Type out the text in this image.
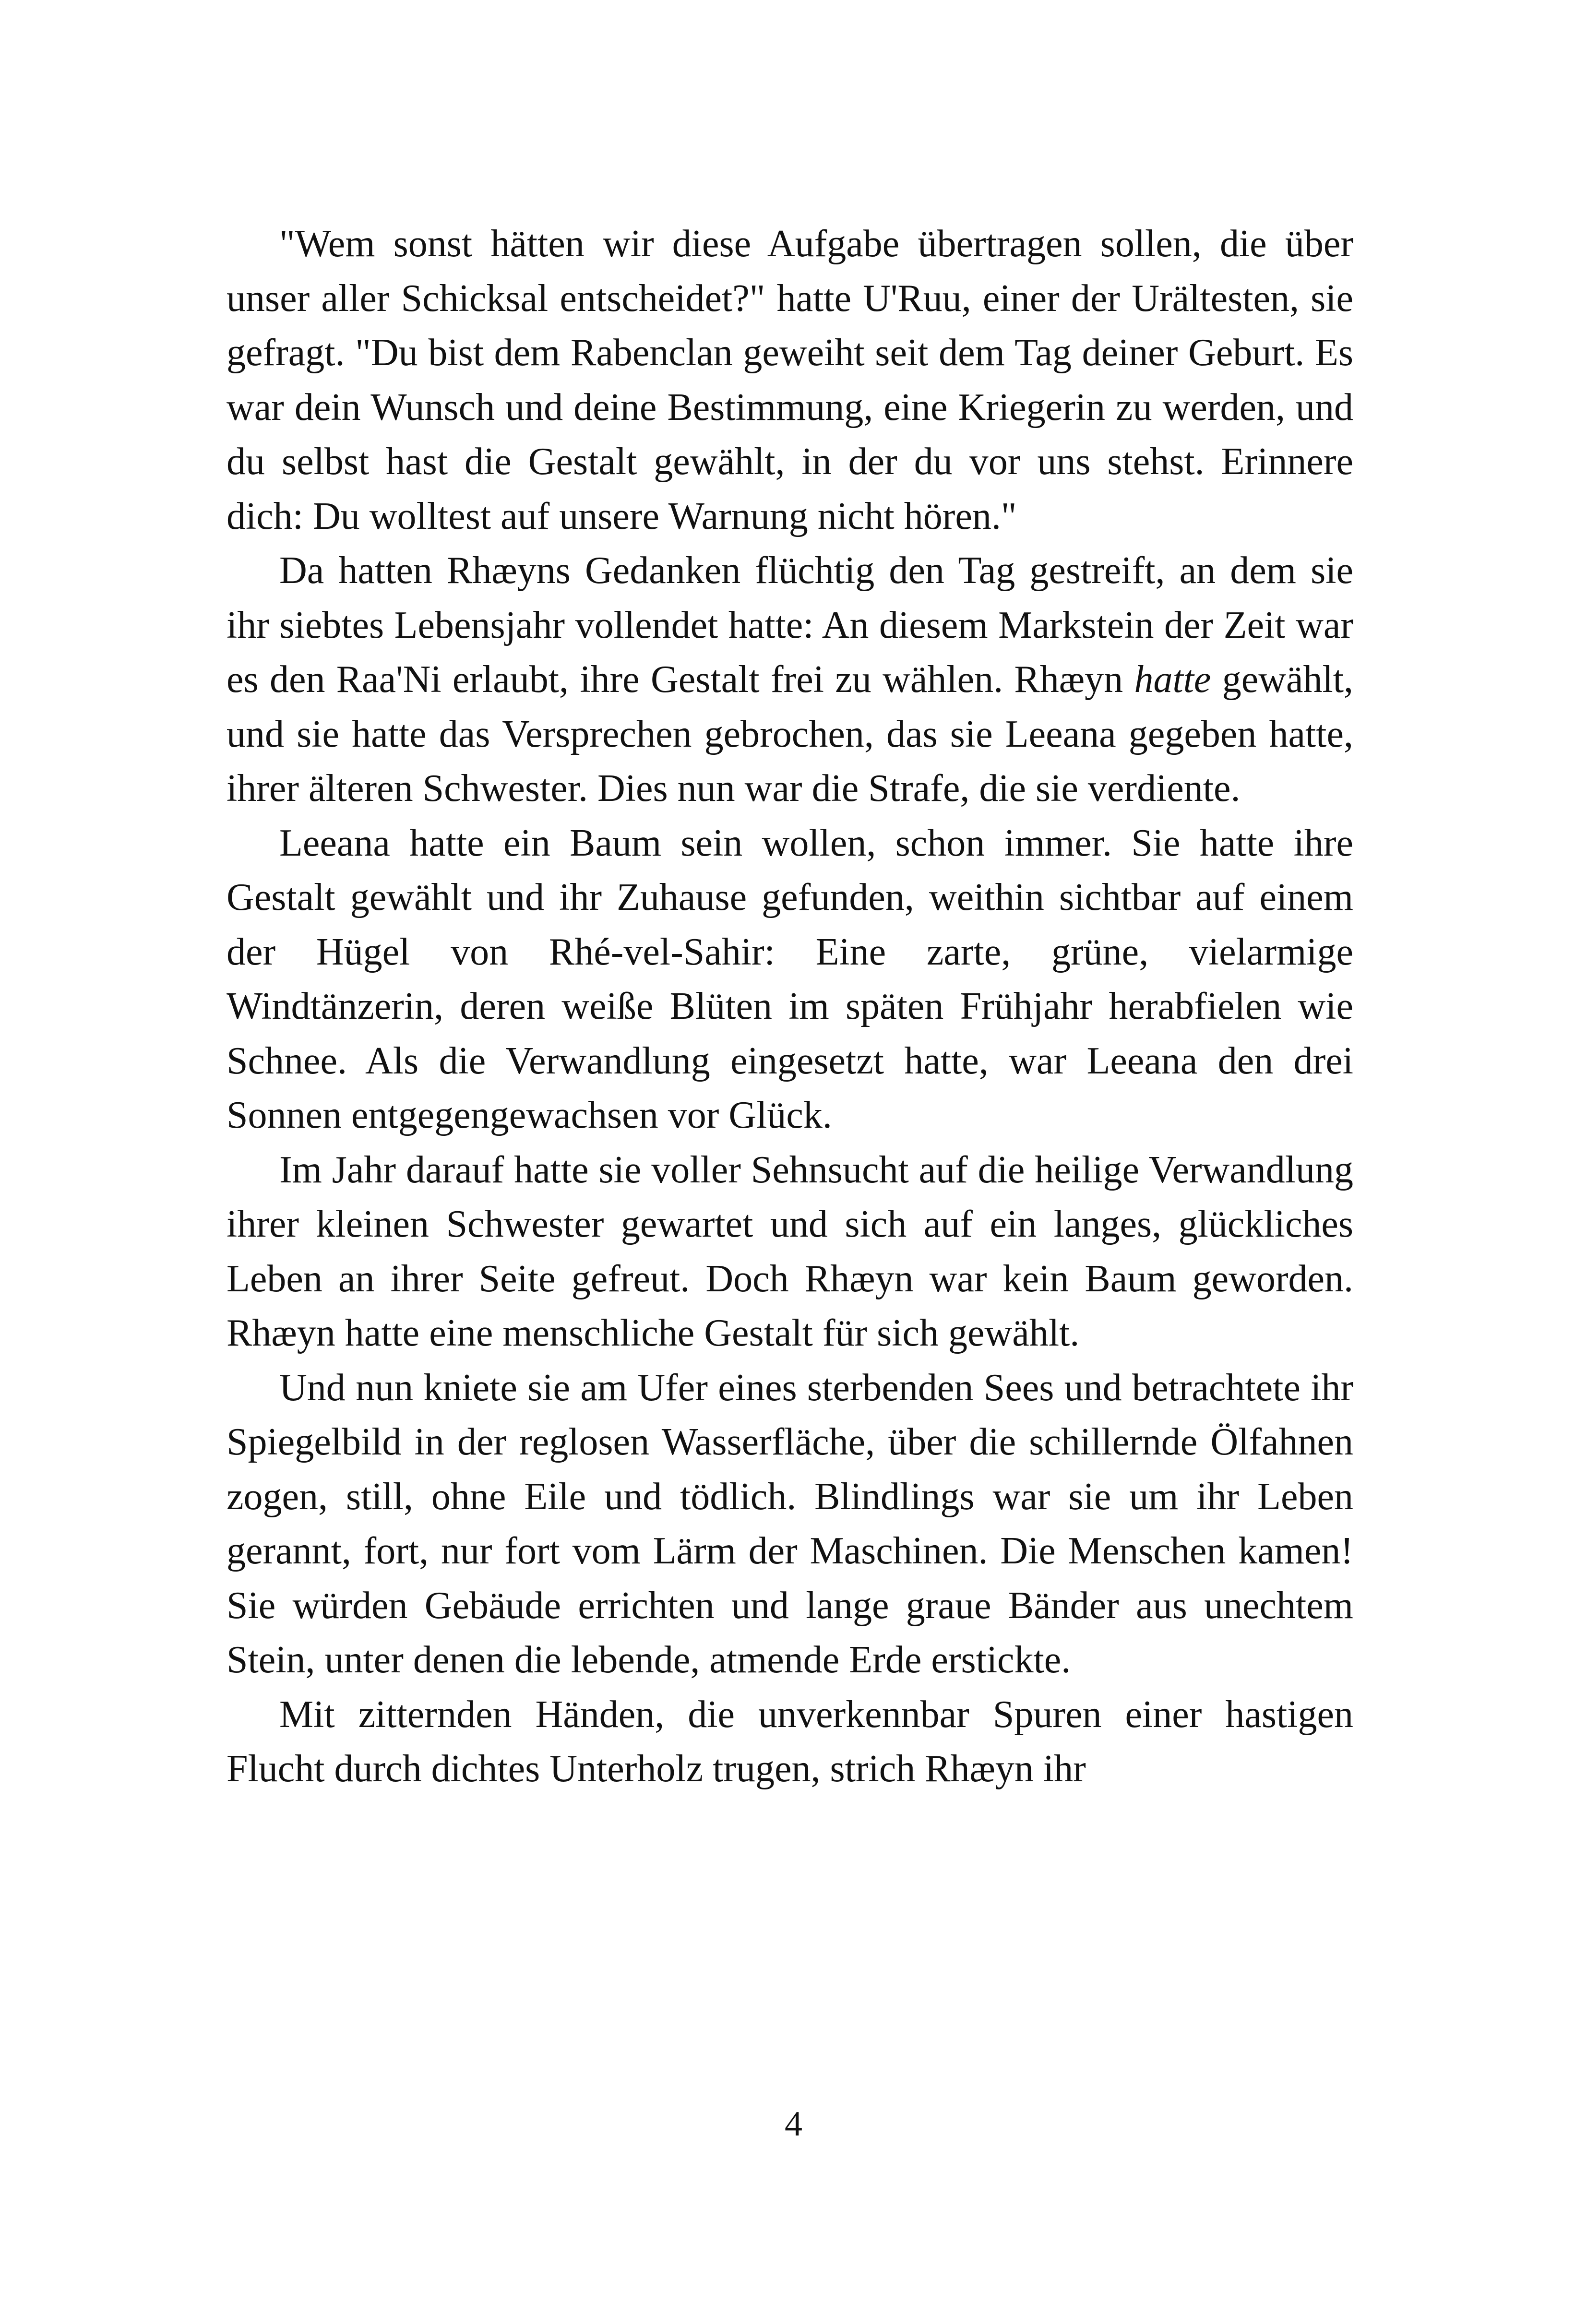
"Wem sonst hätten wir diese Aufgabe übertragen sollen, die über unser aller Schicksal entscheidet?" hatte U'Ruu, einer der Urältesten, sie gefragt. "Du bist dem Rabenclan geweiht seit dem Tag deiner Geburt. Es war dein Wunsch und deine Bestimmung, eine Kriegerin zu werden, und du selbst hast die Gestalt gewählt, in der du vor uns stehst. Erinnere dich: Du wolltest auf unsere Warnung nicht hören."

Da hatten Rhæyns Gedanken flüchtig den Tag gestreift, an dem sie ihr siebtes Lebensjahr vollendet hatte: An diesem Markstein der Zeit war es den Raa'Ni erlaubt, ihre Gestalt frei zu wählen. Rhæyn hatte gewählt, und sie hatte das Versprechen gebrochen, das sie Leeana gegeben hatte, ihrer älteren Schwester. Dies nun war die Strafe, die sie verdiente.

Leeana hatte ein Baum sein wollen, schon immer. Sie hatte ihre Gestalt gewählt und ihr Zuhause gefunden, weithin sichtbar auf einem der Hügel von Rhé-vel-Sahir: Eine zarte, grüne, vielarmige Windtänzerin, deren weiße Blüten im späten Frühjahr herabfielen wie Schnee. Als die Verwandlung eingesetzt hatte, war Leeana den drei Sonnen entgegengewachsen vor Glück.

Im Jahr darauf hatte sie voller Sehnsucht auf die heilige Verwandlung ihrer kleinen Schwester gewartet und sich auf ein langes, glückliches Leben an ihrer Seite gefreut. Doch Rhæyn war kein Baum geworden. Rhæyn hatte eine menschliche Gestalt für sich gewählt.

Und nun kniete sie am Ufer eines sterbenden Sees und betrachtete ihr Spiegelbild in der reglosen Wasserfläche, über die schillernde Ölfahnen zogen, still, ohne Eile und tödlich. Blindlings war sie um ihr Leben gerannt, fort, nur fort vom Lärm der Maschinen. Die Menschen kamen! Sie würden Gebäude errichten und lange graue Bänder aus unechtem Stein, unter denen die lebende, atmende Erde erstickte.

Mit zitternden Händen, die unverkennbar Spuren einer hastigen Flucht durch dichtes Unterholz trugen, strich Rhæyn ihr

4
